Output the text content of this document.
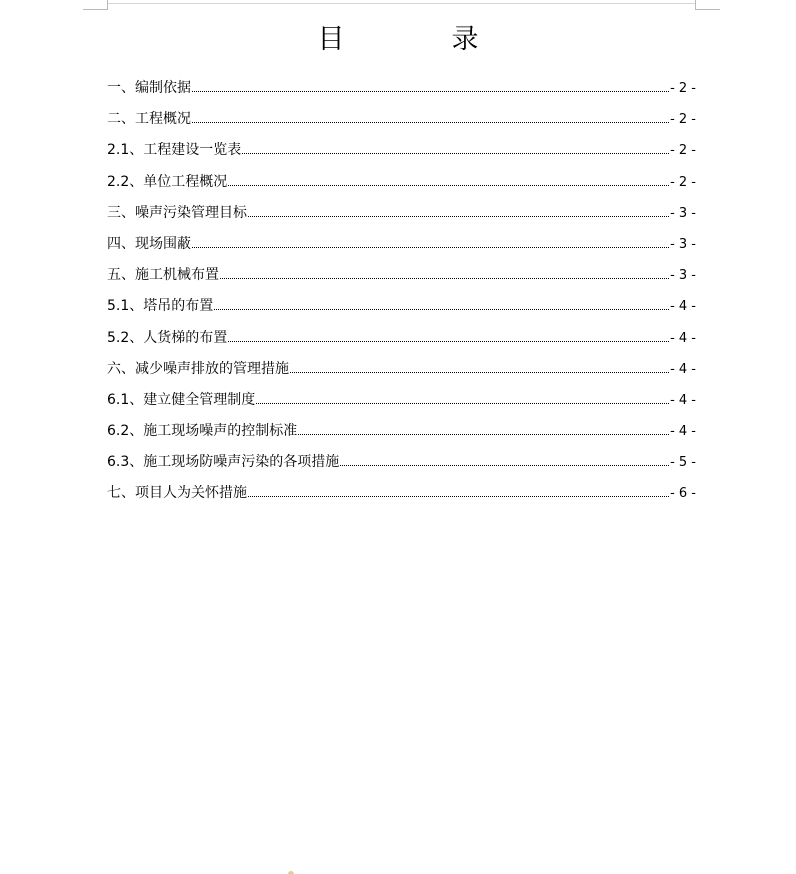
目　录
一、编制依据	- 2 -
二、工程概况	- 2 -
2.1、工程建设一览表	- 2 -
2.2、单位工程概况	- 2 -
三、噪声污染管理目标	- 3 -
四、现场围蔽	- 3 -
五、施工机械布置	- 3 -
5.1、塔吊的布置	- 4 -
5.2、人货梯的布置	- 4 -
六、减少噪声排放的管理措施	- 4 -
6.1、建立健全管理制度	- 4 -
6.2、施工现场噪声的控制标准	- 4 -
6.3、施工现场防噪声污染的各项措施	- 5 -
七、项目人为关怀措施	- 6 -
